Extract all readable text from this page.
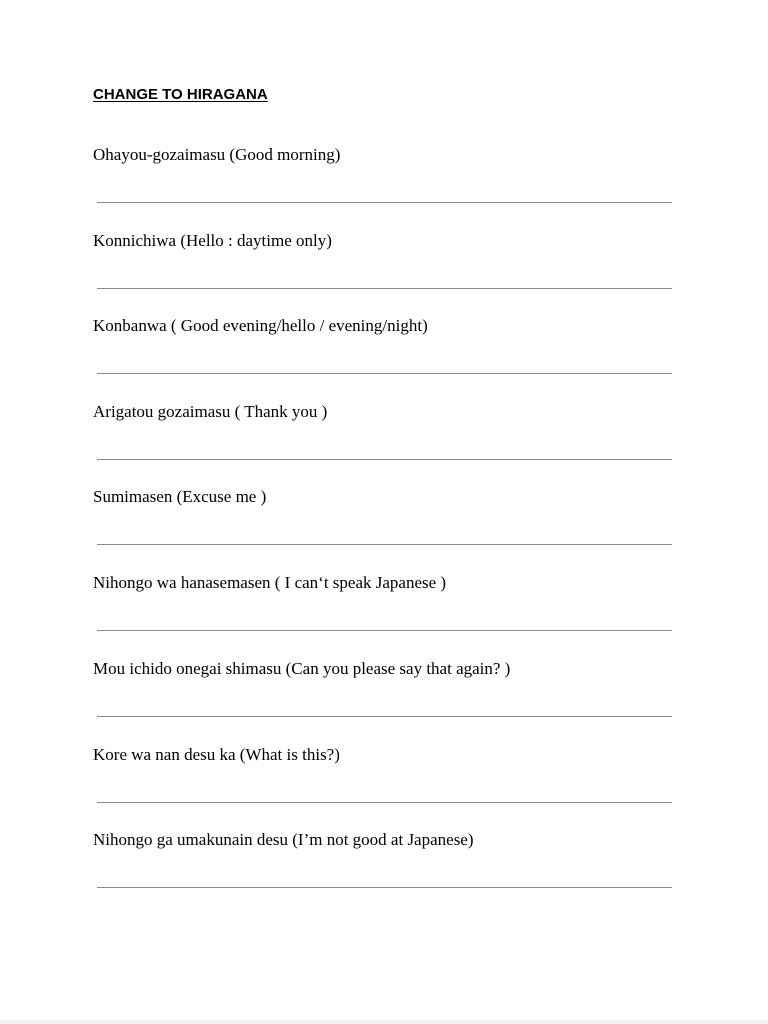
CHANGE TO HIRAGANA
Ohayou-gozaimasu (Good morning)
Konnichiwa (Hello : daytime only)
Konbanwa ( Good evening/hello / evening/night)
Arigatou gozaimasu ( Thank you )
Sumimasen (Excuse me )
Nihongo wa hanasemasen ( I can‘t speak Japanese )
Mou ichido onegai shimasu (Can you please say that again? )
Kore wa nan desu ka (What is this?)
Nihongo ga umakunain desu (I’m not good at Japanese)
